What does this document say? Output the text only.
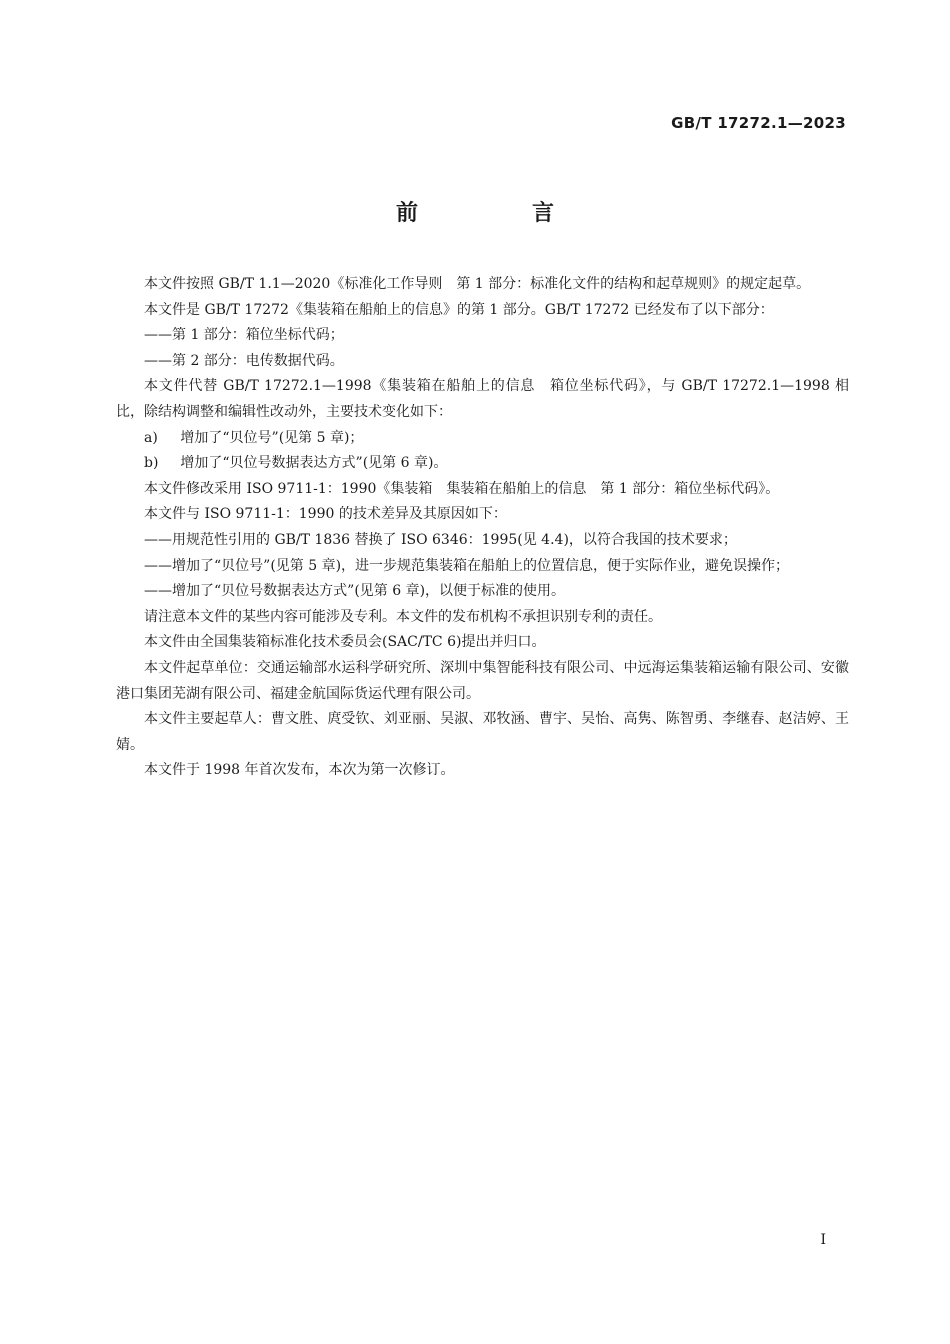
GB/T 17272.1—2023
前　言

本文件按照 GB/T 1.1—2020《标准化工作导则　第 1 部分：标准化文件的结构和起草规则》的规定起草。

本文件是 GB/T 17272《集装箱在船舶上的信息》的第 1 部分。GB/T 17272 已经发布了以下部分：

——第 1 部分：箱位坐标代码；

——第 2 部分：电传数据代码。

本文件代替 GB/T 17272.1—1998《集装箱在船舶上的信息　箱位坐标代码》，与 GB/T 17272.1—1998 相比，除结构调整和编辑性改动外，主要技术变化如下：

a) 增加了“贝位号”(见第 5 章)；

b) 增加了“贝位号数据表达方式”(见第 6 章)。

本文件修改采用 ISO 9711-1：1990《集装箱　集装箱在船舶上的信息　第 1 部分：箱位坐标代码》。

本文件与 ISO 9711-1：1990 的技术差异及其原因如下：

——用规范性引用的 GB/T 1836 替换了 ISO 6346：1995(见 4.4)，以符合我国的技术要求；

——增加了“贝位号”(见第 5 章)，进一步规范集装箱在船舶上的位置信息，便于实际作业，避免误操作；

——增加了“贝位号数据表达方式”(见第 6 章)，以便于标准的使用。

请注意本文件的某些内容可能涉及专利。本文件的发布机构不承担识别专利的责任。

本文件由全国集装箱标准化技术委员会(SAC/TC 6)提出并归口。

本文件起草单位：交通运输部水运科学研究所、深圳中集智能科技有限公司、中远海运集装箱运输有限公司、安徽港口集团芜湖有限公司、福建金航国际货运代理有限公司。

本文件主要起草人：曹文胜、庹受钦、刘亚丽、吴淑、邓牧涵、曹宇、吴怡、高隽、陈智勇、李继春、赵洁婷、王婧。

本文件于 1998 年首次发布，本次为第一次修订。

I
